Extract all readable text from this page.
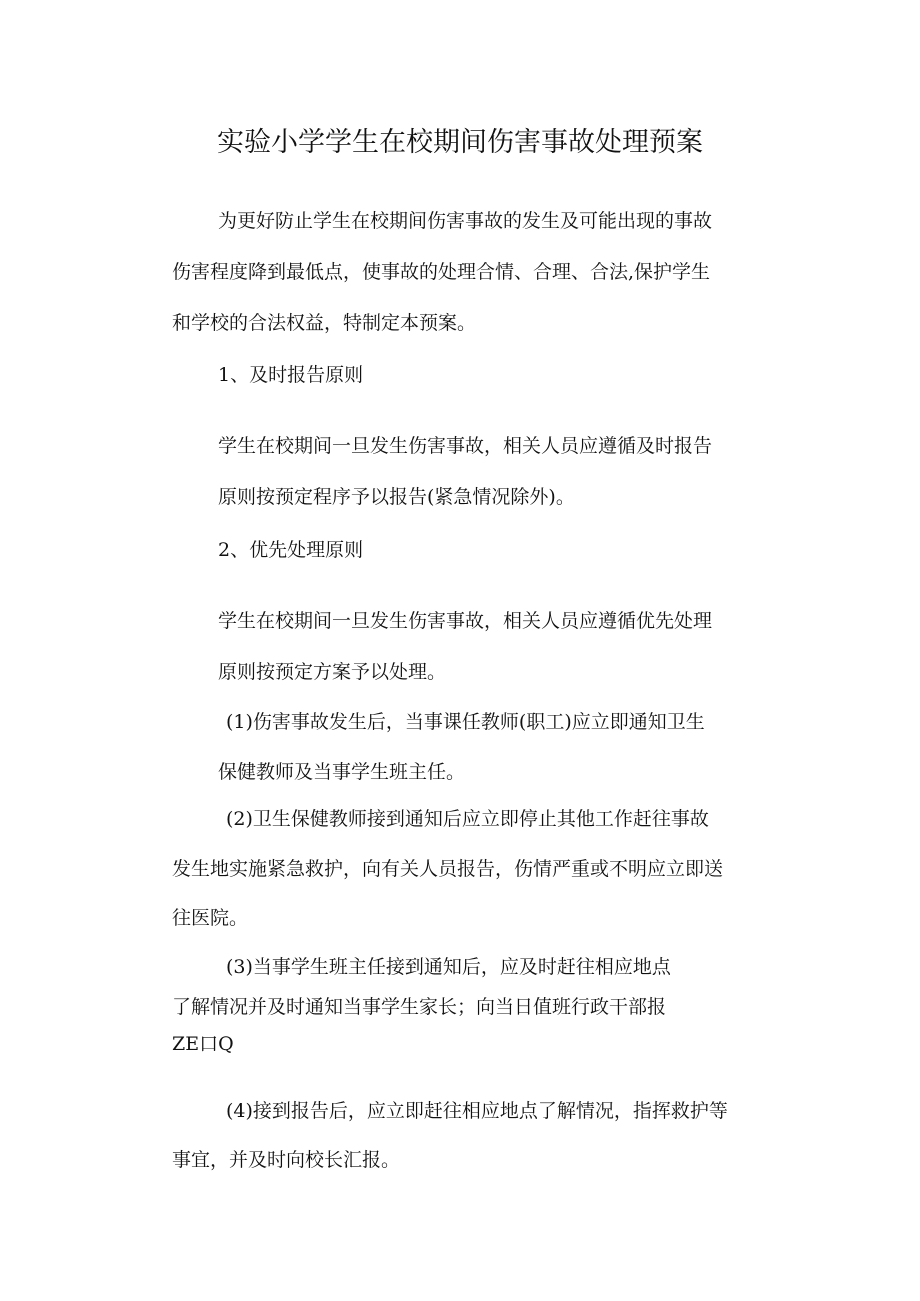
实验小学学生在校期间伤害事故处理预案
为更好防止学生在校期间伤害事故的发生及可能出现的事故
伤害程度降到最低点，使事故的处理合情、合理、合法,保护学生
和学校的合法权益，特制定本预案。
1、及时报告原则
学生在校期间一旦发生伤害事故，相关人员应遵循及时报告
原则按预定程序予以报告(紧急情况除外)。
2、优先处理原则
学生在校期间一旦发生伤害事故，相关人员应遵循优先处理
原则按预定方案予以处理。
(1)伤害事故发生后，当事课任教师(职工)应立即通知卫生
保健教师及当事学生班主任。
(2)卫生保健教师接到通知后应立即停止其他工作赶往事故
发生地实施紧急救护，向有关人员报告，伤情严重或不明应立即送
往医院。
(3)当事学生班主任接到通知后，应及时赶往相应地点
了解情况并及时通知当事学生家长；向当日值班行政干部报
ZE口Q
(4)接到报告后，应立即赶往相应地点了解情况，指挥救护等
事宜，并及时向校长汇报。
